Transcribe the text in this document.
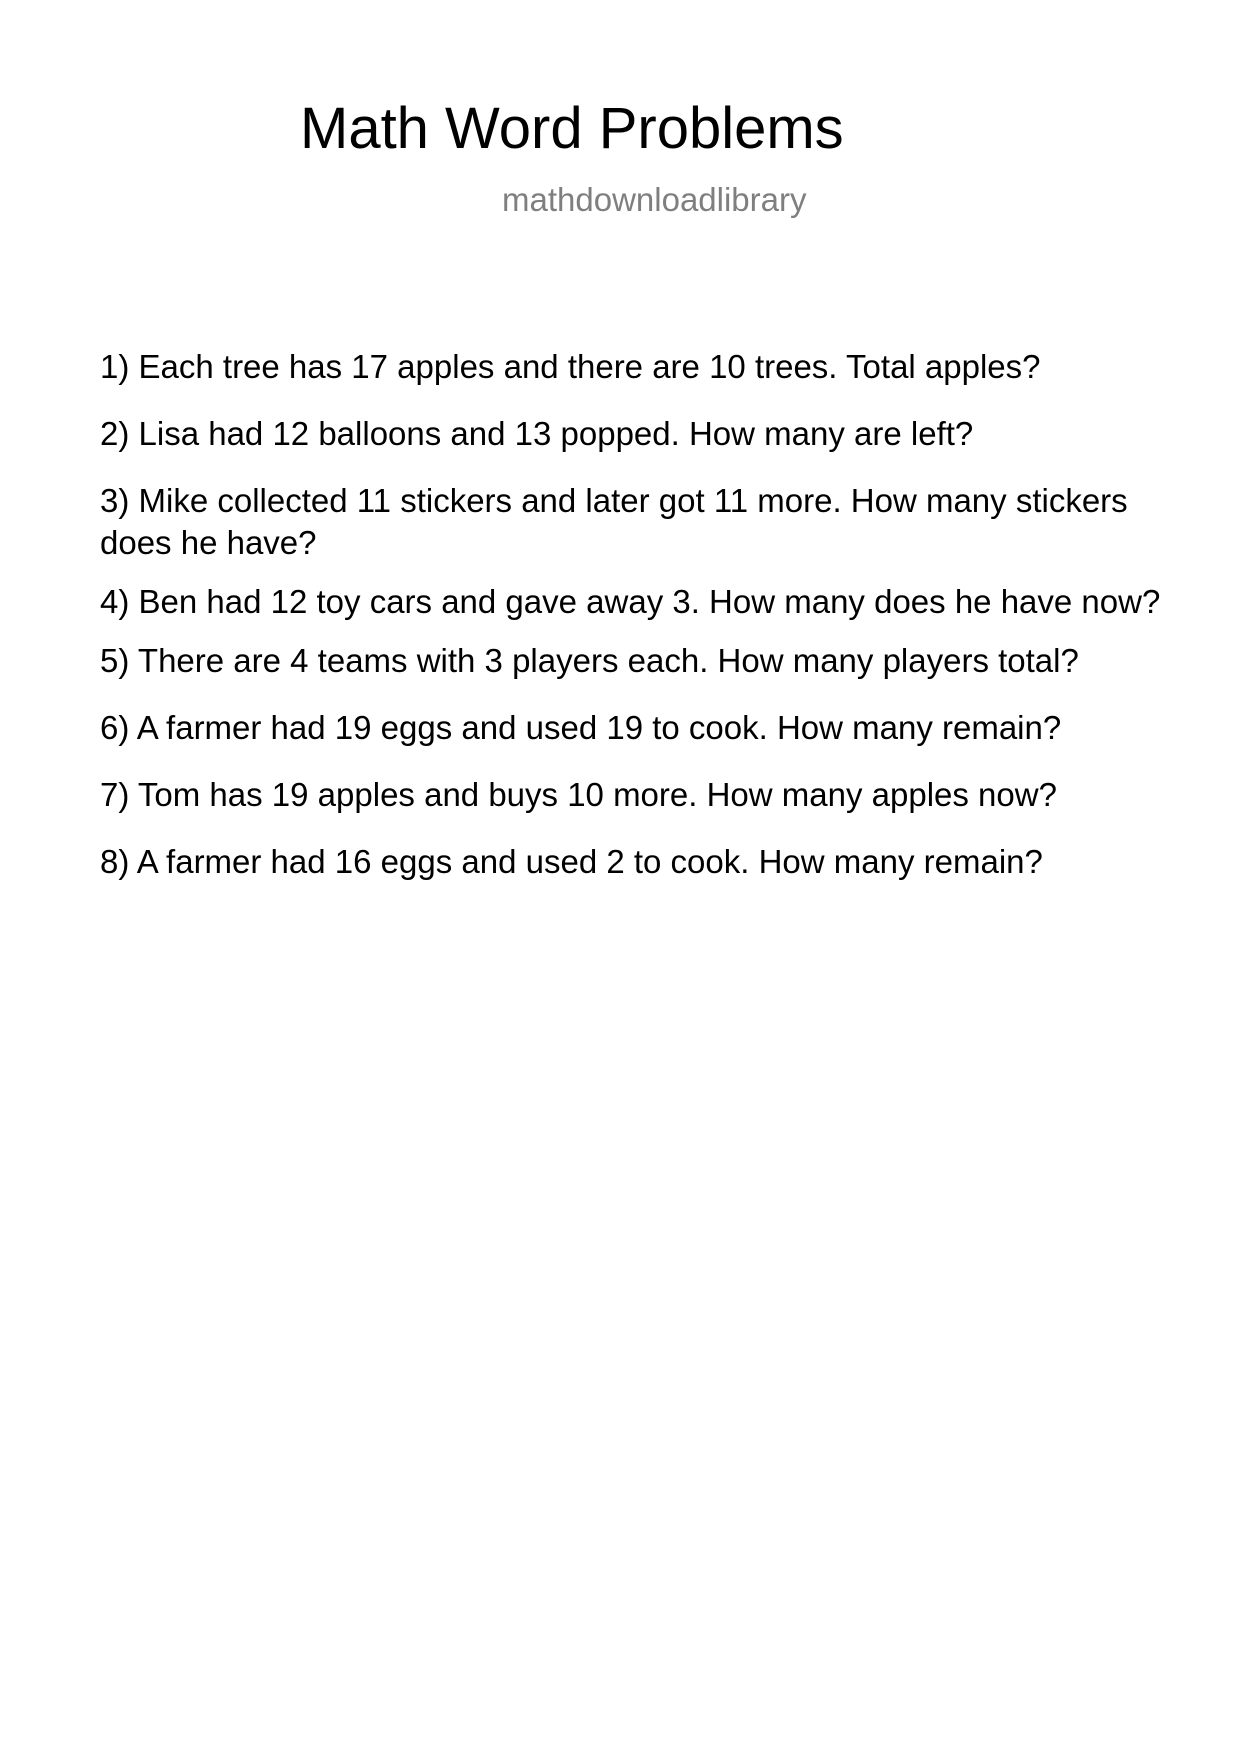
Math Word Problems
mathdownloadlibrary
1) Each tree has 17 apples and there are 10 trees. Total apples?
2) Lisa had 12 balloons and 13 popped. How many are left?
3) Mike collected 11 stickers and later got 11 more. How many stickers does he have?
4) Ben had 12 toy cars and gave away 3. How many does he have now?
5) There are 4 teams with 3 players each. How many players total?
6) A farmer had 19 eggs and used 19 to cook. How many remain?
7) Tom has 19 apples and buys 10 more. How many apples now?
8) A farmer had 16 eggs and used 2 to cook. How many remain?
